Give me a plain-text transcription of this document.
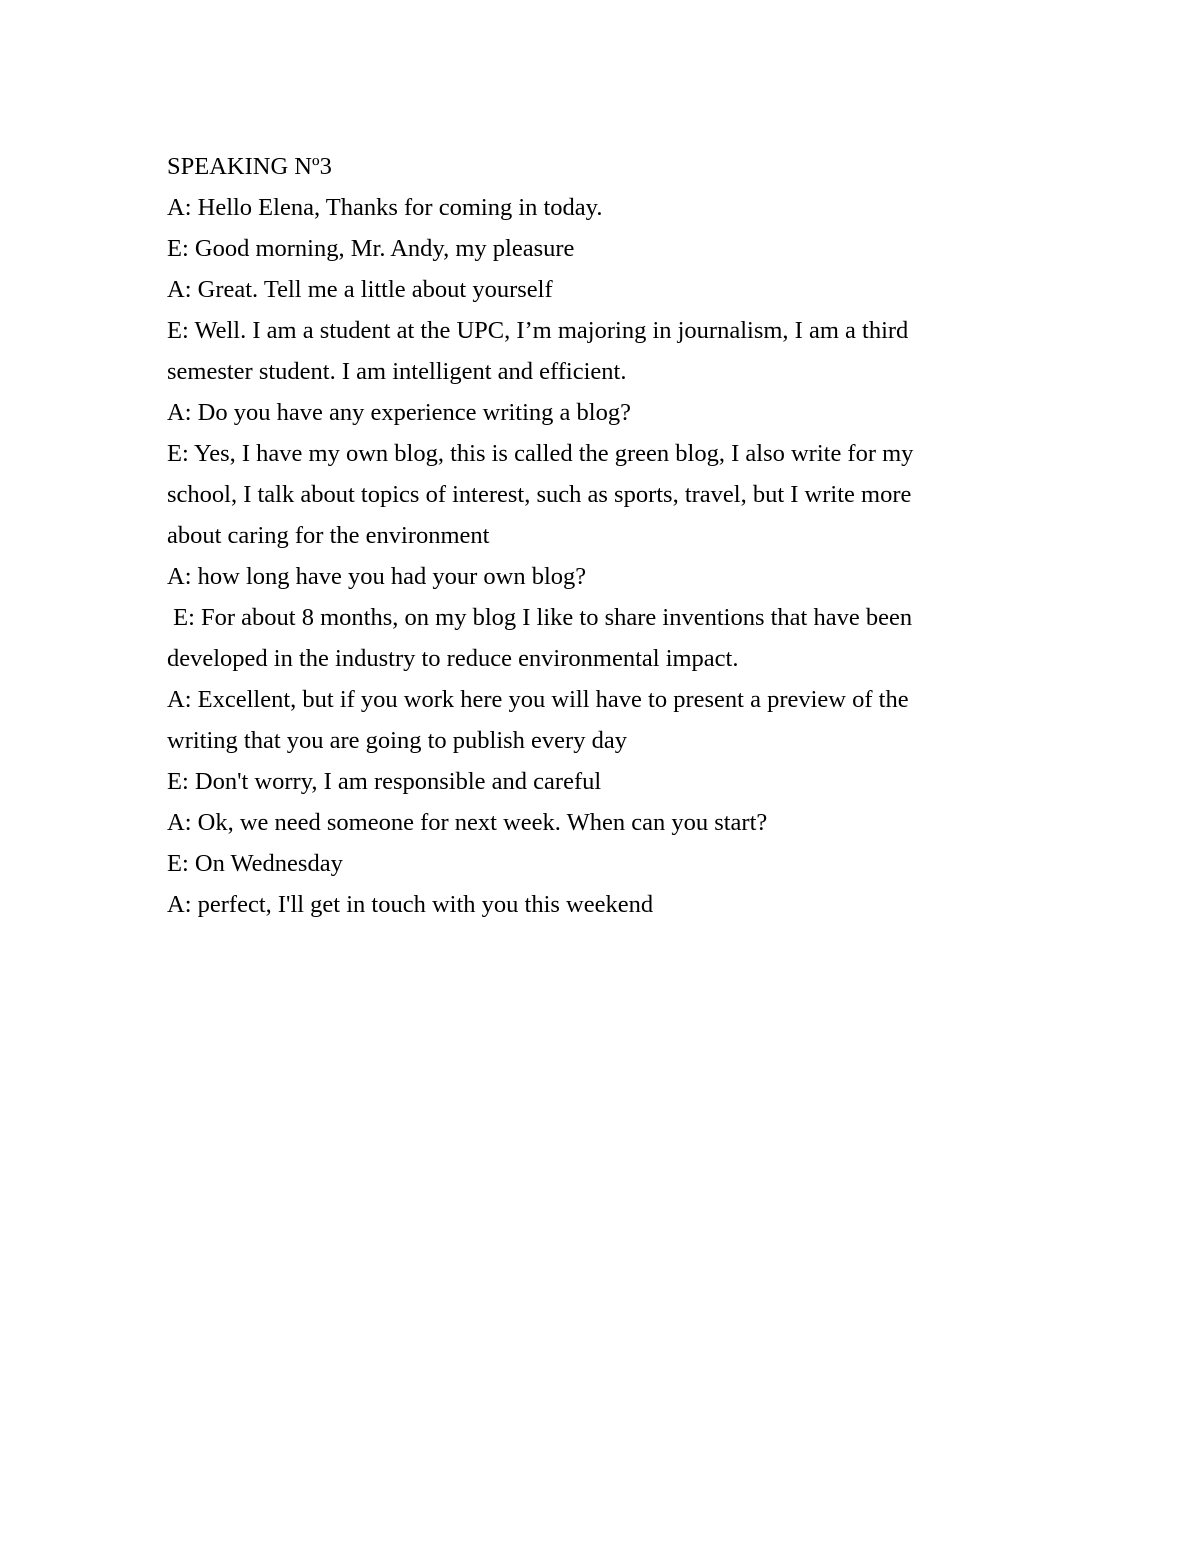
SPEAKING Nº3

A: Hello Elena, Thanks for coming in today.

E: Good morning, Mr. Andy, my pleasure

A: Great. Tell me a little about yourself

E: Well. I am a student at the UPC, I’m majoring in journalism, I am a third

semester student. I am intelligent and efficient.

A: Do you have any experience writing a blog?

E: Yes, I have my own blog, this is called the green blog, I also write for my

school, I talk about topics of interest, such as sports, travel, but I write more

about caring for the environment

A: how long have you had your own blog?

E: For about 8 months, on my blog I like to share inventions that have been

developed in the industry to reduce environmental impact.

A: Excellent, but if you work here you will have to present a preview of the

writing that you are going to publish every day

E: Don't worry, I am responsible and careful

A: Ok, we need someone for next week. When can you start?

E: On Wednesday

A: perfect, I'll get in touch with you this weekend
